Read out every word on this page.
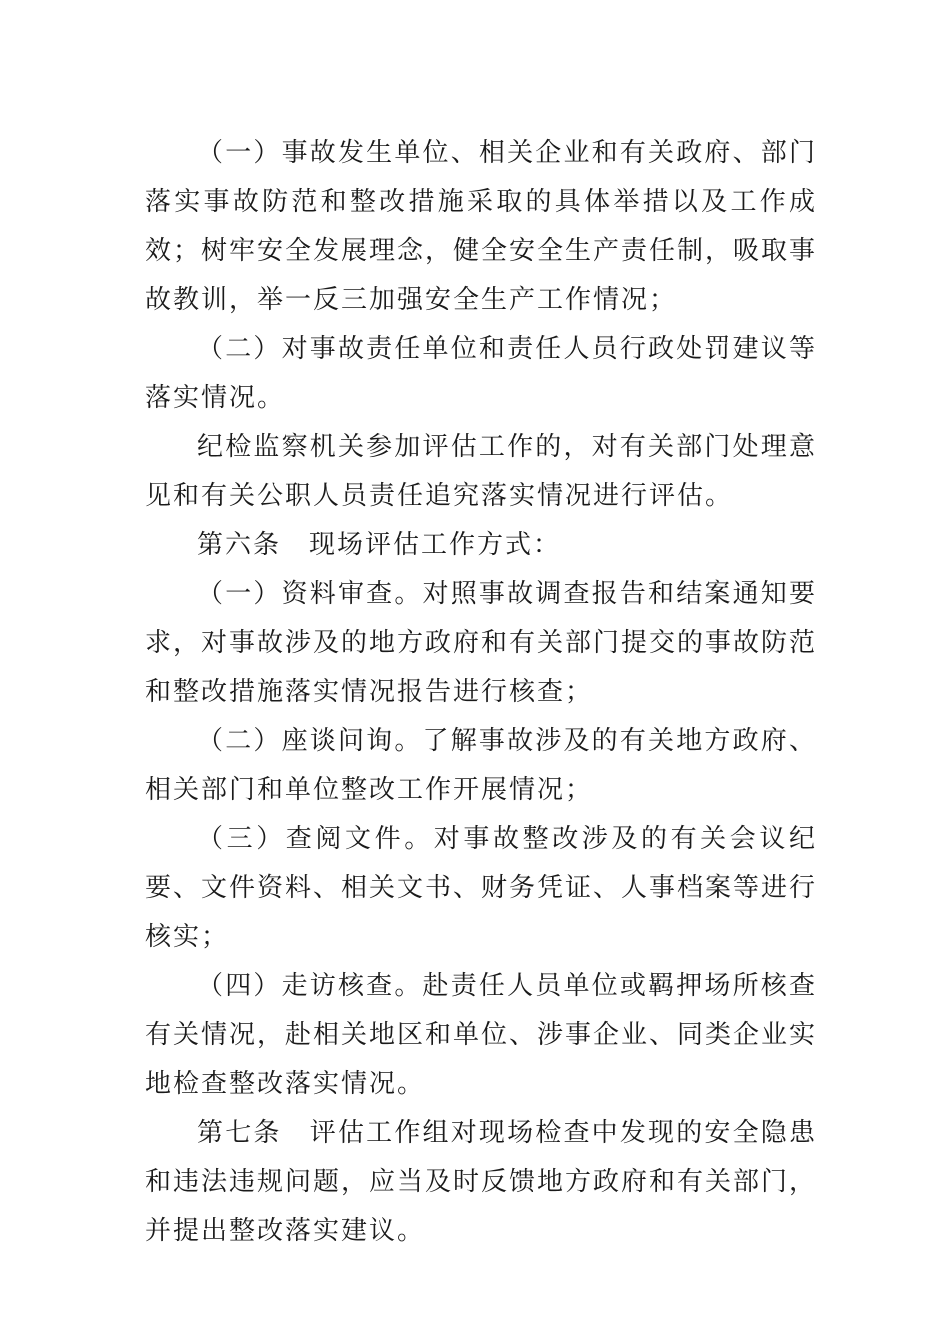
（一）事故发生单位、相关企业和有关政府、部门落实事故防范和整改措施采取的具体举措以及工作成效；树牢安全发展理念，健全安全生产责任制，吸取事故教训，举一反三加强安全生产工作情况；

（二）对事故责任单位和责任人员行政处罚建议等落实情况。

纪检监察机关参加评估工作的，对有关部门处理意见和有关公职人员责任追究落实情况进行评估。

第六条　现场评估工作方式：

（一）资料审查。对照事故调查报告和结案通知要求，对事故涉及的地方政府和有关部门提交的事故防范和整改措施落实情况报告进行核查；

（二）座谈问询。了解事故涉及的有关地方政府、相关部门和单位整改工作开展情况；

（三）查阅文件。对事故整改涉及的有关会议纪要、文件资料、相关文书、财务凭证、人事档案等进行核实；

（四）走访核查。赴责任人员单位或羁押场所核查有关情况，赴相关地区和单位、涉事企业、同类企业实地检查整改落实情况。

第七条　评估工作组对现场检查中发现的安全隐患和违法违规问题，应当及时反馈地方政府和有关部门，并提出整改落实建议。
